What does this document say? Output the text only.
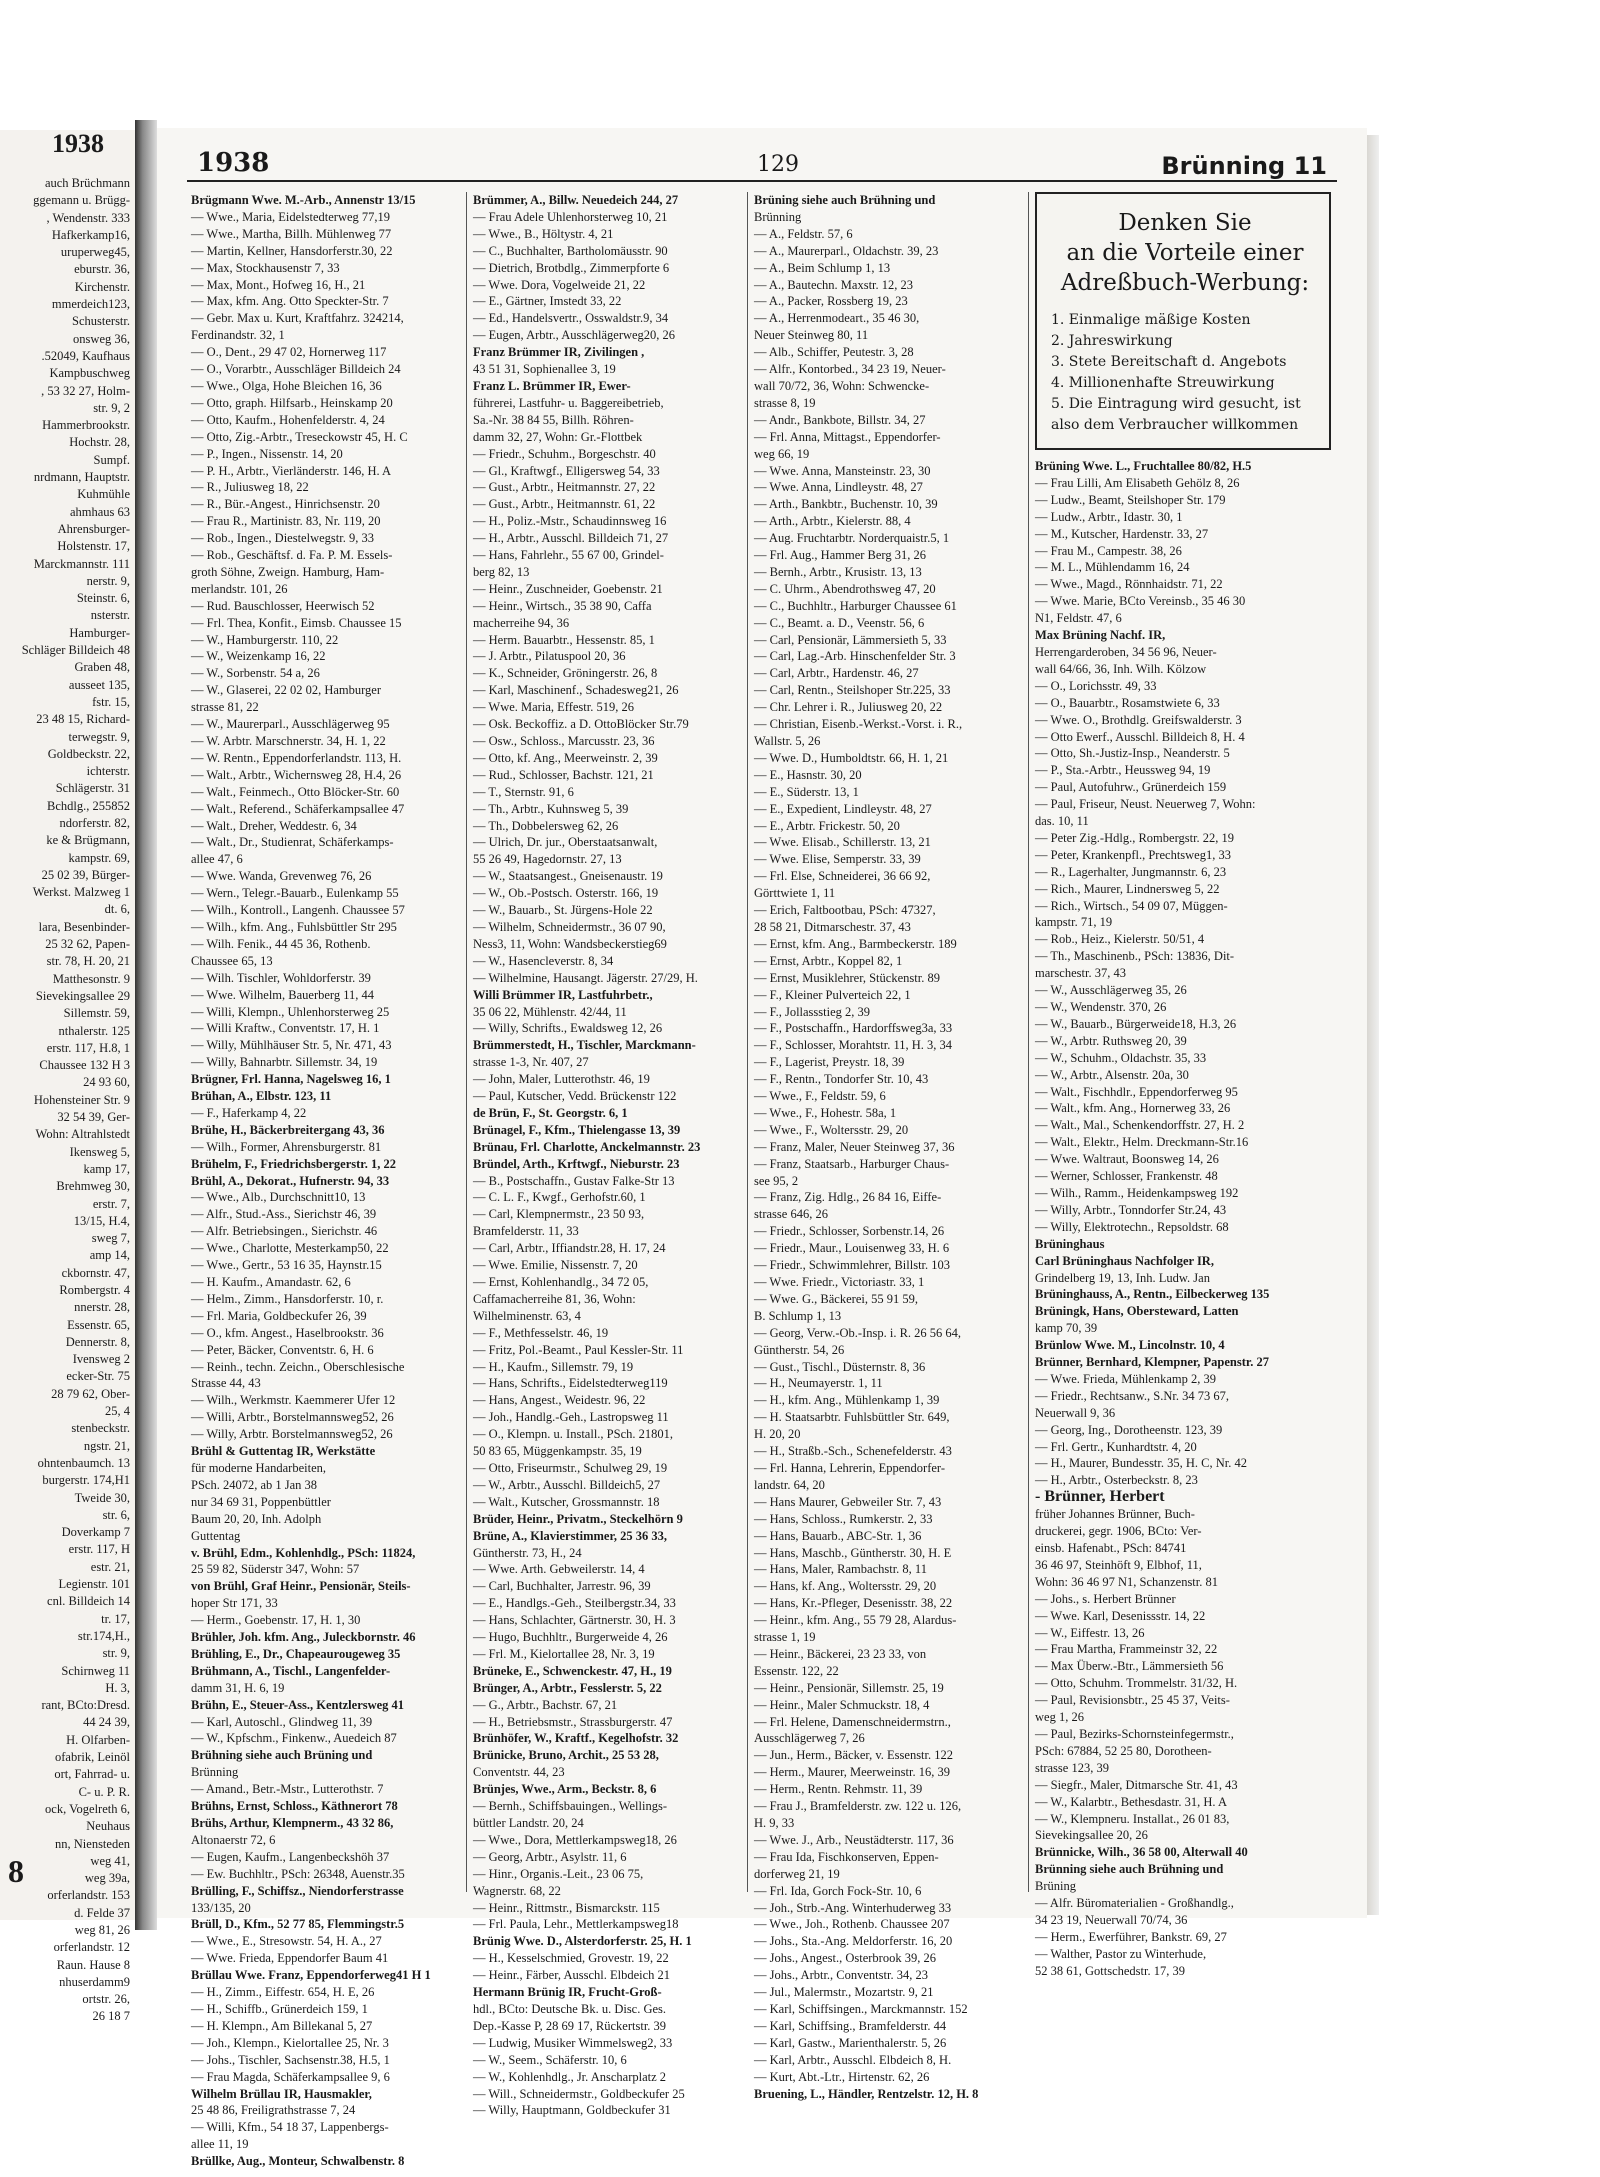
1938
auch Brüchmann
ggemann u. Brügg-
, Wendenstr. 333
Hafkerkamp16,
uruperweg45,
eburstr. 36,
Kirchenstr.
mmerdeich123,
Schusterstr.
onsweg 36,
.52049, Kaufhaus
Kampbuschweg
, 53 32 27, Holm-
str. 9, 2
Hammerbrookstr.
Hochstr. 28,
Sumpf.
nrdmann, Hauptstr.
Kuhmühle
ahmhaus 63
Ahrensburger-
Holstenstr. 17,
Marckmannstr. 111
nerstr. 9,
Steinstr. 6,
nsterstr.
Hamburger-
Schläger Billdeich 48
Graben 48,
ausseet 135,
fstr. 15,
23 48 15, Richard-
terwegstr. 9,
Goldbeckstr. 22,
ichterstr.
Schlägerstr. 31
Bchdlg., 255852
ndorferstr. 82,
ke & Brügmann,
kampstr. 69,
25 02 39, Bürger-
Werkst. Malzweg 1
dt. 6,
lara, Besenbinder-
25 32 62, Papen-
str. 78, H. 20, 21
Matthesonstr. 9
Sievekingsallee 29
Sillemstr. 59,
nthalerstr. 125
erstr. 117, H.8, 1
Chaussee 132 H 3
24 93 60,
Hohensteiner Str. 9
32 54 39, Ger-
Wohn: Altrahlstedt
Ikensweg 5,
kamp 17,
Brehmweg 30,
erstr. 7,
13/15, H.4,
sweg 7,
amp 14,
ckbornstr. 47,
Rombergstr. 4
nnerstr. 28,
Essenstr. 65,
Dennerstr. 8,
Ivensweg 2
ecker-Str. 75
28 79 62, Ober-
25, 4
stenbeckstr.
ngstr. 21,
ohntenbaumch. 13
burgerstr. 174,H1
Tweide 30,
str. 6,
Doverkamp 7
erstr. 117, H
estr. 21,
Legienstr. 101
cnl. Billdeich 14
tr. 17,
str.174,H.,
str. 9,
Schirnweg 11
H. 3,
rant, BCto:Dresd.
44 24 39,
H. Olfarben-
ofabrik, Leinöl
ort, Fahrrad- u.
C- u. P. R.
ock, Vogelreth 6,
Neuhaus
nn, Niensteden
weg 41,
weg 39a,
orferlandstr. 153
d. Felde 37
weg 81, 26
orferlandstr. 12
Raun. Hause 8
nhuserdamm9
ortstr. 26,
26 18 7
8
1938	129	Brünning 11
Brügmann Wwe. M.-Arb., Annenstr 13/15
— Wwe., Maria, Eidelstedterweg 77,19
— Wwe., Martha, Billh. Mühlenweg 77
— Martin, Kellner, Hansdorferstr.30, 22
— Max, Stockhausenstr 7, 33
— Max, Mont., Hofweg 16, H., 21
— Max, kfm. Ang. Otto Speckter-Str. 7
— Gebr. Max u. Kurt, Kraftfahrz. 324214,
Ferdinandstr. 32, 1
— O., Dent., 29 47 02, Hornerweg 117
— O., Vorarbtr., Ausschläger Billdeich 24
— Wwe., Olga, Hohe Bleichen 16, 36
— Otto, graph. Hilfsarb., Heinskamp 20
— Otto, Kaufm., Hohenfelderstr. 4, 24
— Otto, Zig.-Arbtr., Treseckowstr 45, H. C
— P., Ingen., Nissenstr. 14, 20
— P. H., Arbtr., Vierländerstr. 146, H. A
— R., Juliusweg 18, 22
— R., Bür.-Angest., Hinrichsenstr. 20
— Frau R., Martinistr. 83, Nr. 119, 20
— Rob., Ingen., Diestelwegstr. 9, 33
— Rob., Geschäftsf. d. Fa. P. M. Essels-
groth Söhne, Zweign. Hamburg, Ham-
merlandstr. 101, 26
— Rud. Bauschlosser, Heerwisch 52
— Frl. Thea, Konfit., Eimsb. Chaussee 15
— W., Hamburgerstr. 110, 22
— W., Weizenkamp 16, 22
— W., Sorbenstr. 54 a, 26
— W., Glaserei, 22 02 02, Hamburger
strasse 81, 22
— W., Maurerparl., Ausschlägerweg 95
— W. Arbtr. Marschnerstr. 34, H. 1, 22
— W. Rentn., Eppendorferlandstr. 113, H.
— Walt., Arbtr., Wichernsweg 28, H.4, 26
— Walt., Feinmech., Otto Blöcker-Str. 60
— Walt., Referend., Schäferkampsallee 47
— Walt., Dreher, Weddestr. 6, 34
— Walt., Dr., Studienrat, Schäferkamps-
allee 47, 6
— Wwe. Wanda, Grevenweg 76, 26
— Wern., Telegr.-Bauarb., Eulenkamp 55
— Wilh., Kontroll., Langenh. Chaussee 57
— Wilh., kfm. Ang., Fuhlsbüttler Str 295
— Wilh. Fenik., 44 45 36, Rothenb.
Chaussee 65, 13
— Wilh. Tischler, Wohldorferstr. 39
— Wwe. Wilhelm, Bauerberg 11, 44
— Willi, Klempn., Uhlenhorsterweg 25
— Willi Kraftw., Conventstr. 17, H. 1
— Willy, Mühlhäuser Str. 5, Nr. 471, 43
— Willy, Bahnarbtr. Sillemstr. 34, 19
Brügner, Frl. Hanna, Nagelsweg 16, 1
Brühan, A., Elbstr. 123, 11
— F., Haferkamp 4, 22
Brühe, H., Bäckerbreitergang 43, 36
— Wilh., Former, Ahrensburgerstr. 81
Brühelm, F., Friedrichsbergerstr. 1, 22
Brühl, A., Dekorat., Hufnerstr. 94, 33
— Wwe., Alb., Durchschnitt10, 13
— Alfr., Stud.-Ass., Sierichstr 46, 39
— Alfr. Betriebsingen., Sierichstr. 46
— Wwe., Charlotte, Mesterkamp50, 22
— Wwe., Gertr., 53 16 35, Haynstr.15
— H. Kaufm., Amandastr. 62, 6
— Helm., Zimm., Hansdorferstr. 10, r.
— Frl. Maria, Goldbeckufer 26, 39
— O., kfm. Angest., Haselbrookstr. 36
— Peter, Bäcker, Conventstr. 6, H. 6
— Reinh., techn. Zeichn., Oberschlesische
Strasse 44, 43
— Wilh., Werkmstr. Kaemmerer Ufer 12
— Willi, Arbtr., Borstelmannsweg52, 26
— Willy, Arbtr. Borstelmannsweg52, 26
Brühl & Guttentag IR, Werkstätte
für moderne Handarbeiten,
PSch. 24072, ab 1 Jan 38
nur 34 69 31, Poppenbüttler
Baum 20, 20, Inh. Adolph
Guttentag
v. Brühl, Edm., Kohlenhdlg., PSch: 11824,
25 59 82, Süderstr 347, Wohn: 57
von Brühl, Graf Heinr., Pensionär, Steils-
hoper Str 171, 33
— Herm., Goebenstr. 17, H. 1, 30
Brühler, Joh. kfm. Ang., Juleckbornstr. 46
Brühling, E., Dr., Chapeaurougeweg 35
Brühmann, A., Tischl., Langenfelder-
damm 31, H. 6, 19
Brühn, E., Steuer-Ass., Kentzlersweg 41
— Karl, Autoschl., Glindweg 11, 39
— W., Kpfschm., Finkenw., Auedeich 87
Brühning siehe auch Brüning und
Brünning
— Amand., Betr.-Mstr., Lutterothstr. 7
Brühns, Ernst, Schloss., Käthnerort 78
Brühs, Arthur, Klempnerm., 43 32 86,
Altonaerstr 72, 6
— Eugen, Kaufm., Langenbeckshöh 37
— Ew. Buchhltr., PSch: 26348, Auenstr.35
Brülling, F., Schiffsz., Niendorferstrasse
133/135, 20
Brüll, D., Kfm., 52 77 85, Flemmingstr.5
— Wwe., E., Stresowstr. 54, H. A., 27
— Wwe. Frieda, Eppendorfer Baum 41
Brüllau Wwe. Franz, Eppendorferweg41 H 1
— H., Zimm., Eiffestr. 654, H. E, 26
— H., Schiffb., Grünerdeich 159, 1
— H. Klempn., Am Billekanal 5, 27
— Joh., Klempn., Kielortallee 25, Nr. 3
— Johs., Tischler, Sachsenstr.38, H.5, 1
— Frau Magda, Schäferkampsallee 9, 6
Wilhelm Brüllau IR, Hausmakler,
25 48 86, Freiligrathstrasse 7, 24
— Willi, Kfm., 54 18 37, Lappenbergs-
allee 11, 19
Brüllke, Aug., Monteur, Schwalbenstr. 8
Brümmer, A., Billw. Neuedeich 244, 27
— Frau Adele Uhlenhorsterweg 10, 21
— Wwe., B., Höltystr. 4, 21
— C., Buchhalter, Bartholomäusstr. 90
— Dietrich, Brotbdlg., Zimmerpforte 6
— Wwe. Dora, Vogelweide 21, 22
— E., Gärtner, Imstedt 33, 22
— Ed., Handelsvertr., Osswaldstr.9, 34
— Eugen, Arbtr., Ausschlägerweg20, 26
Franz Brümmer IR, Zivilingen ,
43 51 31, Sophienallee 3, 19
Franz L. Brümmer IR, Ewer-
führerei, Lastfuhr- u. Baggereibetrieb,
Sa.-Nr. 38 84 55, Billh. Röhren-
damm 32, 27, Wohn: Gr.-Flottbek
— Friedr., Schuhm., Borgeschstr. 40
— Gl., Kraftwgf., Elligersweg 54, 33
— Gust., Arbtr., Heitmannstr. 27, 22
— Gust., Arbtr., Heitmannstr. 61, 22
— H., Poliz.-Mstr., Schaudinnsweg 16
— H., Arbtr., Ausschl. Billdeich 71, 27
— Hans, Fahrlehr., 55 67 00, Grindel-
berg 82, 13
— Heinr., Zuschneider, Goebenstr. 21
— Heinr., Wirtsch., 35 38 90, Caffa
macherreihe 94, 36
— Herm. Bauarbtr., Hessenstr. 85, 1
— J. Arbtr., Pilatuspool 20, 36
— K., Schneider, Gröningerstr. 26, 8
— Karl, Maschinenf., Schadesweg21, 26
— Wwe. Maria, Effestr. 519, 26
— Osk. Beckoffiz. a D. OttoBlöcker Str.79
— Osw., Schloss., Marcusstr. 23, 36
— Otto, kf. Ang., Meerweinstr. 2, 39
— Rud., Schlosser, Bachstr. 121, 21
— T., Sternstr. 91, 6
— Th., Arbtr., Kuhnsweg 5, 39
— Th., Dobbelersweg 62, 26
— Ulrich, Dr. jur., Oberstaatsanwalt,
55 26 49, Hagedornstr. 27, 13
— W., Staatsangest., Gneisenaustr. 19
— W., Ob.-Postsch. Osterstr. 166, 19
— W., Bauarb., St. Jürgens-Hole 22
— Wilhelm, Schneidermstr., 36 07 90,
Ness3, 11, Wohn: Wandsbeckerstieg69
— W., Hasencleverstr. 8, 34
— Wilhelmine, Hausangt. Jägerstr. 27/29, H.
Willi Brümmer IR, Lastfuhrbetr.,
35 06 22, Mühlenstr. 42/44, 11
— Willy, Schrifts., Ewaldsweg 12, 26
Brümmerstedt, H., Tischler, Marckmann-
strasse 1-3, Nr. 407, 27
— John, Maler, Lutterothstr. 46, 19
— Paul, Kutscher, Vedd. Brückenstr 122
de Brün, F., St. Georgstr. 6, 1
Brünagel, F., Kfm., Thielengasse 13, 39
Brünau, Frl. Charlotte, Anckelmannstr. 23
Bründel, Arth., Krftwgf., Nieburstr. 23
— B., Postschaffn., Gustav Falke-Str 13
— C. L. F., Kwgf., Gerhofstr.60, 1
— Carl, Klempnermstr., 23 50 93,
Bramfelderstr. 11, 33
— Carl, Arbtr., Iffiandstr.28, H. 17, 24
— Wwe. Emilie, Nissenstr. 7, 20
— Ernst, Kohlenhandlg., 34 72 05,
Caffamacherreihe 81, 36, Wohn:
Wilhelminenstr. 63, 4
— F., Methfesselstr. 46, 19
— Fritz, Pol.-Beamt., Paul Kessler-Str. 11
— H., Kaufm., Sillemstr. 79, 19
— Hans, Schrifts., Eidelstedterweg119
— Hans, Angest., Weidestr. 96, 22
— Joh., Handlg.-Geh., Lastropsweg 11
— O., Klempn. u. Install., PSch. 21801,
50 83 65, Müggenkampstr. 35, 19
— Otto, Friseurmstr., Schulweg 29, 19
— W., Arbtr., Ausschl. Billdeich5, 27
— Walt., Kutscher, Grossmannstr. 18
Brüder, Heinr., Privatm., Steckelhörn 9
Brüne, A., Klavierstimmer, 25 36 33,
Güntherstr. 73, H., 24
— Wwe. Arth. Gebweilerstr. 14, 4
— Carl, Buchhalter, Jarrestr. 96, 39
— E., Handlgs.-Geh., Steilbergstr.34, 33
— Hans, Schlachter, Gärtnerstr. 30, H. 3
— Hugo, Buchhltr., Burgerweide 4, 26
— Frl. M., Kielortallee 28, Nr. 3, 19
Brüneke, E., Schwenckestr. 47, H., 19
Brünger, A., Arbtr., Fesslerstr. 5, 22
— G., Arbtr., Bachstr. 67, 21
— H., Betriebsmstr., Strassburgerstr. 47
Brünhöfer, W., Kraftf., Kegelhofstr. 32
Brünicke, Bruno, Archit., 25 53 28,
Conventstr. 44, 23
Brünjes, Wwe., Arm., Beckstr. 8, 6
— Bernh., Schiffsbauingen., Wellings-
büttler Landstr. 20, 24
— Wwe., Dora, Mettlerkampsweg18, 26
— Georg, Arbtr., Asylstr. 11, 6
— Hinr., Organis.-Leit., 23 06 75,
Wagnerstr. 68, 22
— Heinr., Rittmstr., Bismarckstr. 115
— Frl. Paula, Lehr., Mettlerkampsweg18
Brünig Wwe. D., Alsterdorferstr. 25, H. 1
— H., Kesselschmied, Grovestr. 19, 22
— Heinr., Färber, Ausschl. Elbdeich 21
Hermann Brünig IR, Frucht-Groß-
hdl., BCto: Deutsche Bk. u. Disc. Ges.
Dep.-Kasse P, 28 69 17, Rückertstr. 39
— Ludwig, Musiker Wimmelsweg2, 33
— W., Seem., Schäferstr. 10, 6
— W., Kohlenhdlg., Jr. Anscharplatz 2
— Will., Schneidermstr., Goldbeckufer 25
— Willy, Hauptmann, Goldbeckufer 31
Brüning siehe auch Brühning und
Brünning
— A., Feldstr. 57, 6
— A., Maurerparl., Oldachstr. 39, 23
— A., Beim Schlump 1, 13
— A., Bautechn. Maxstr. 12, 23
— A., Packer, Rossberg 19, 23
— A., Herrenmodeart., 35 46 30,
Neuer Steinweg 80, 11
— Alb., Schiffer, Peutestr. 3, 28
— Alfr., Kontorbed., 34 23 19, Neuer-
wall 70/72, 36, Wohn: Schwencke-
strasse 8, 19
— Andr., Bankbote, Billstr. 34, 27
— Frl. Anna, Mittagst., Eppendorfer-
weg 66, 19
— Wwe. Anna, Mansteinstr. 23, 30
— Wwe. Anna, Lindleystr. 48, 27
— Arth., Bankbtr., Buchenstr. 10, 39
— Arth., Arbtr., Kielerstr. 88, 4
— Aug. Fruchtarbtr. Norderquaistr.5, 1
— Frl. Aug., Hammer Berg 31, 26
— Bernh., Arbtr., Krusistr. 13, 13
— C. Uhrm., Abendrothsweg 47, 20
— C., Buchhltr., Harburger Chaussee 61
— C., Beamt. a. D., Veenstr. 56, 6
— Carl, Pensionär, Lämmersieth 5, 33
— Carl, Lag.-Arb. Hinschenfelder Str. 3
— Carl, Arbtr., Hardenstr. 46, 27
— Carl, Rentn., Steilshoper Str.225, 33
— Chr. Lehrer i. R., Juliusweg 20, 22
— Christian, Eisenb.-Werkst.-Vorst. i. R.,
Wallstr. 5, 26
— Wwe. D., Humboldtstr. 66, H. 1, 21
— E., Hasnstr. 30, 20
— E., Süderstr. 13, 1
— E., Expedient, Lindleystr. 48, 27
— E., Arbtr. Frickestr. 50, 20
— Wwe. Elisab., Schillerstr. 13, 21
— Wwe. Elise, Semperstr. 33, 39
— Frl. Else, Schneiderei, 36 66 92,
Görttwiete 1, 11
— Erich, Faltbootbau, PSch: 47327,
28 58 21, Ditmarschestr. 37, 43
— Ernst, kfm. Ang., Barmbeckerstr. 189
— Ernst, Arbtr., Koppel 82, 1
— Ernst, Musiklehrer, Stückenstr. 89
— F., Kleiner Pulverteich 22, 1
— F., Jollassstieg 2, 39
— F., Postschaffn., Hardorffsweg3a, 33
— F., Schlosser, Morahtstr. 11, H. 3, 34
— F., Lagerist, Preystr. 18, 39
— F., Rentn., Tondorfer Str. 10, 43
— Wwe., F., Feldstr. 59, 6
— Wwe., F., Hohestr. 58a, 1
— Wwe., F., Woltersstr. 29, 20
— Franz, Maler, Neuer Steinweg 37, 36
— Franz, Staatsarb., Harburger Chaus-
see 95, 2
— Franz, Zig. Hdlg., 26 84 16, Eiffe-
strasse 646, 26
— Friedr., Schlosser, Sorbenstr.14, 26
— Friedr., Maur., Louisenweg 33, H. 6
— Friedr., Schwimmlehrer, Billstr. 103
— Wwe. Friedr., Victoriastr. 33, 1
— Wwe. G., Bäckerei, 55 91 59,
B. Schlump 1, 13
— Georg, Verw.-Ob.-Insp. i. R. 26 56 64,
Güntherstr. 54, 26
— Gust., Tischl., Düsternstr. 8, 36
— H., Neumayerstr. 1, 11
— H., kfm. Ang., Mühlenkamp 1, 39
— H. Staatsarbtr. Fuhlsbüttler Str. 649,
H. 20, 20
— H., Straßb.-Sch., Schenefelderstr. 43
— Frl. Hanna, Lehrerin, Eppendorfer-
landstr. 64, 20
— Hans Maurer, Gebweiler Str. 7, 43
— Hans, Schloss., Rumkerstr. 2, 33
— Hans, Bauarb., ABC-Str. 1, 36
— Hans, Maschb., Güntherstr. 30, H. E
— Hans, Maler, Rambachstr. 8, 11
— Hans, kf. Ang., Woltersstr. 29, 20
— Hans, Kr.-Pfleger, Desenisstr. 38, 22
— Heinr., kfm. Ang., 55 79 28, Alardus-
strasse 1, 19
— Heinr., Bäckerei, 23 23 33, von
Essenstr. 122, 22
— Heinr., Pensionär, Sillemstr. 25, 19
— Heinr., Maler Schmuckstr. 18, 4
— Frl. Helene, Damenschneidermstrn.,
Ausschlägerweg 7, 26
— Jun., Herm., Bäcker, v. Essenstr. 122
— Herm., Maurer, Meerweinstr. 16, 39
— Herm., Rentn. Rehmstr. 11, 39
— Frau J., Bramfelderstr. zw. 122 u. 126,
H. 9, 33
— Wwe. J., Arb., Neustädterstr. 117, 36
— Frau Ida, Fischkonserven, Eppen-
dorferweg 21, 19
— Frl. Ida, Gorch Fock-Str. 10, 6
— Joh., Strb.-Ang. Winterhuderweg 33
— Wwe., Joh., Rothenb. Chaussee 207
— Johs., Sta.-Ang. Meldorferstr. 16, 20
— Johs., Angest., Osterbrook 39, 26
— Johs., Arbtr., Conventstr. 34, 23
— Jul., Malermstr., Mozartstr. 9, 21
— Karl, Schiffsingen., Marckmannstr. 152
— Karl, Schiffsing., Bramfelderstr. 44
— Karl, Gastw., Marienthalerstr. 5, 26
— Karl, Arbtr., Ausschl. Elbdeich 8, H.
— Kurt, Abt.-Ltr., Hirtenstr. 62, 26
Bruening, L., Händler, Rentzelstr. 12, H. 8
Denken Sie
an die Vorteile einer
Adreßbuch-Werbung:
1. Einmalige mäßige Kosten
2. Jahreswirkung
3. Stete Bereitschaft d. Angebots
4. Millionenhafte Streuwirkung
5. Die Eintragung wird gesucht, ist also dem Verbraucher willkommen
Brüning Wwe. L., Fruchtallee 80/82, H.5
— Frau Lilli, Am Elisabeth Gehölz 8, 26
— Ludw., Beamt, Steilshoper Str. 179
— Ludw., Arbtr., Idastr. 30, 1
— M., Kutscher, Hardenstr. 33, 27
— Frau M., Campestr. 38, 26
— M. L., Mühlendamm 16, 24
— Wwe., Magd., Rönnhaidstr. 71, 22
— Wwe. Marie, BCto Vereinsb., 35 46 30
N1, Feldstr. 47, 6
Max Brüning Nachf. IR,
Herrengarderoben, 34 56 96, Neuer-
wall 64/66, 36, Inh. Wilh. Kölzow
— O., Lorichsstr. 49, 33
— O., Bauarbtr., Rosamstwiete 6, 33
— Wwe. O., Brothdlg. Greifswalderstr. 3
— Otto Ewerf., Ausschl. Billdeich 8, H. 4
— Otto, Sh.-Justiz-Insp., Neanderstr. 5
— P., Sta.-Arbtr., Heussweg 94, 19
— Paul, Autofuhrw., Grünerdeich 159
— Paul, Friseur, Neust. Neuerweg 7, Wohn:
das. 10, 11
— Peter Zig.-Hdlg., Rombergstr. 22, 19
— Peter, Krankenpfl., Prechtsweg1, 33
— R., Lagerhalter, Jungmannstr. 6, 23
— Rich., Maurer, Lindnersweg 5, 22
— Rich., Wirtsch., 54 09 07, Müggen-
kampstr. 71, 19
— Rob., Heiz., Kielerstr. 50/51, 4
— Th., Maschinenb., PSch: 13836, Dit-
marschestr. 37, 43
— W., Ausschlägerweg 35, 26
— W., Wendenstr. 370, 26
— W., Bauarb., Bürgerweide18, H.3, 26
— W., Arbtr. Ruthsweg 20, 39
— W., Schuhm., Oldachstr. 35, 33
— W., Arbtr., Alsenstr. 20a, 30
— Walt., Fischhdlr., Eppendorferweg 95
— Walt., kfm. Ang., Hornerweg 33, 26
— Walt., Mal., Schenkendorffstr. 27, H. 2
— Walt., Elektr., Helm. Dreckmann-Str.16
— Wwe. Waltraut, Boonsweg 14, 26
— Werner, Schlosser, Frankenstr. 48
— Wilh., Ramm., Heidenkampsweg 192
— Willy, Arbtr., Tonndorfer Str.24, 43
— Willy, Elektrotechn., Repsoldstr. 68
Brüninghaus
Carl Brüninghaus Nachfolger IR,
Grindelberg 19, 13, Inh. Ludw. Jan
Brüninghauss, A., Rentn., Eilbeckerweg 135
Brüningk, Hans, Obersteward, Latten
kamp 70, 39
Brünlow Wwe. M., Lincolnstr. 10, 4
Brünner, Bernhard, Klempner, Papenstr. 27
— Wwe. Frieda, Mühlenkamp 2, 39
— Friedr., Rechtsanw., S.Nr. 34 73 67,
Neuerwall 9, 36
— Georg, Ing., Dorotheenstr. 123, 39
— Frl. Gertr., Kunhardtstr. 4, 20
— H., Maurer, Bundesstr. 35, H. C, Nr. 42
— H., Arbtr., Osterbeckstr. 8, 23
- Brünner, Herbert
früher Johannes Brünner, Buch-
druckerei, gegr. 1906, BCto: Ver-
einsb. Hafenabt., PSch: 84741
36 46 97, Steinhöft 9, Elbhof, 11,
Wohn: 36 46 97 N1, Schanzenstr. 81
— Johs., s. Herbert Brünner
— Wwe. Karl, Desenissstr. 14, 22
— W., Eiffestr. 13, 26
— Frau Martha, Frammeinstr 32, 22
— Max Überw.-Btr., Lämmersieth 56
— Otto, Schuhm. Trommelstr. 31/32, H.
— Paul, Revisionsbtr., 25 45 37, Veits-
weg 1, 26
— Paul, Bezirks-Schornsteinfegermstr.,
PSch: 67884, 52 25 80, Dorotheen-
strasse 123, 39
— Siegfr., Maler, Ditmarsche Str. 41, 43
— W., Kalarbtr., Bethesdastr. 31, H. A
— W., Klempneru. Installat., 26 01 83,
Sievekingsallee 20, 26
Brünnicke, Wilh., 36 58 00, Alterwall 40
Brünning siehe auch Brühning und
Brüning
— Alfr. Büromaterialien - Großhandlg.,
34 23 19, Neuerwall 70/74, 36
— Herm., Ewerführer, Bankstr. 69, 27
— Walther, Pastor zu Winterhude,
52 38 61, Gottschedstr. 17, 39
